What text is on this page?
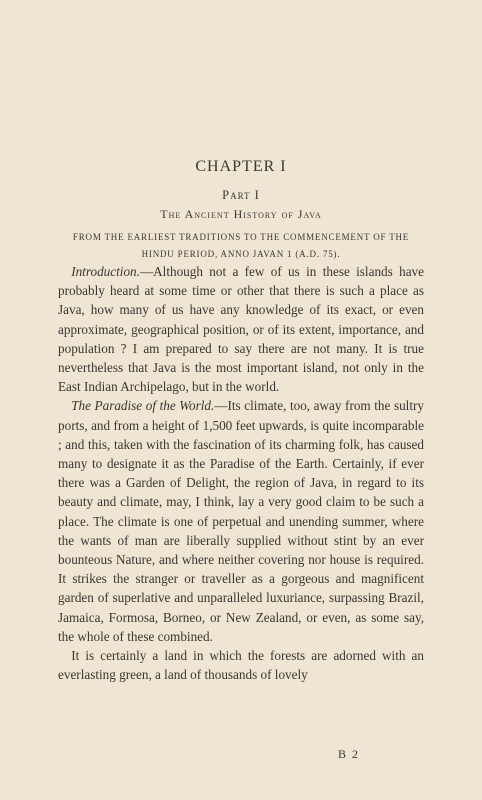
CHAPTER I
Part I
The Ancient History of Java
FROM THE EARLIEST TRADITIONS TO THE COMMENCEMENT OF THE HINDU PERIOD, ANNO JAVAN 1 (A.D. 75).

 Introduction.—Although not a few of us in these islands have probably heard at some time or other that there is such a place as Java, how many of us have any knowledge of its exact, or even approximate, geographical position, or of its extent, importance, and population ? I am prepared to say there are not many. It is true nevertheless that Java is the most important island, not only in the East Indian Archipelago, but in the world.

 The Paradise of the World.—Its climate, too, away from the sultry ports, and from a height of 1,500 feet upwards, is quite incomparable ; and this, taken with the fascination of its charming folk, has caused many to designate it as the Paradise of the Earth. Certainly, if ever there was a Garden of Delight, the region of Java, in regard to its beauty and climate, may, I think, lay a very good claim to be such a place. The climate is one of perpetual and unending summer, where the wants of man are liberally supplied without stint by an ever bounteous Nature, and where neither covering nor house is required. It strikes the stranger or traveller as a gorgeous and magnificent garden of superlative and unparalleled luxuriance, surpassing Brazil, Jamaica, Formosa, Borneo, or New Zealand, or even, as some say, the whole of these combined.

 It is certainly a land in which the forests are adorned with an everlasting green, a land of thousands of lovely

B 2
